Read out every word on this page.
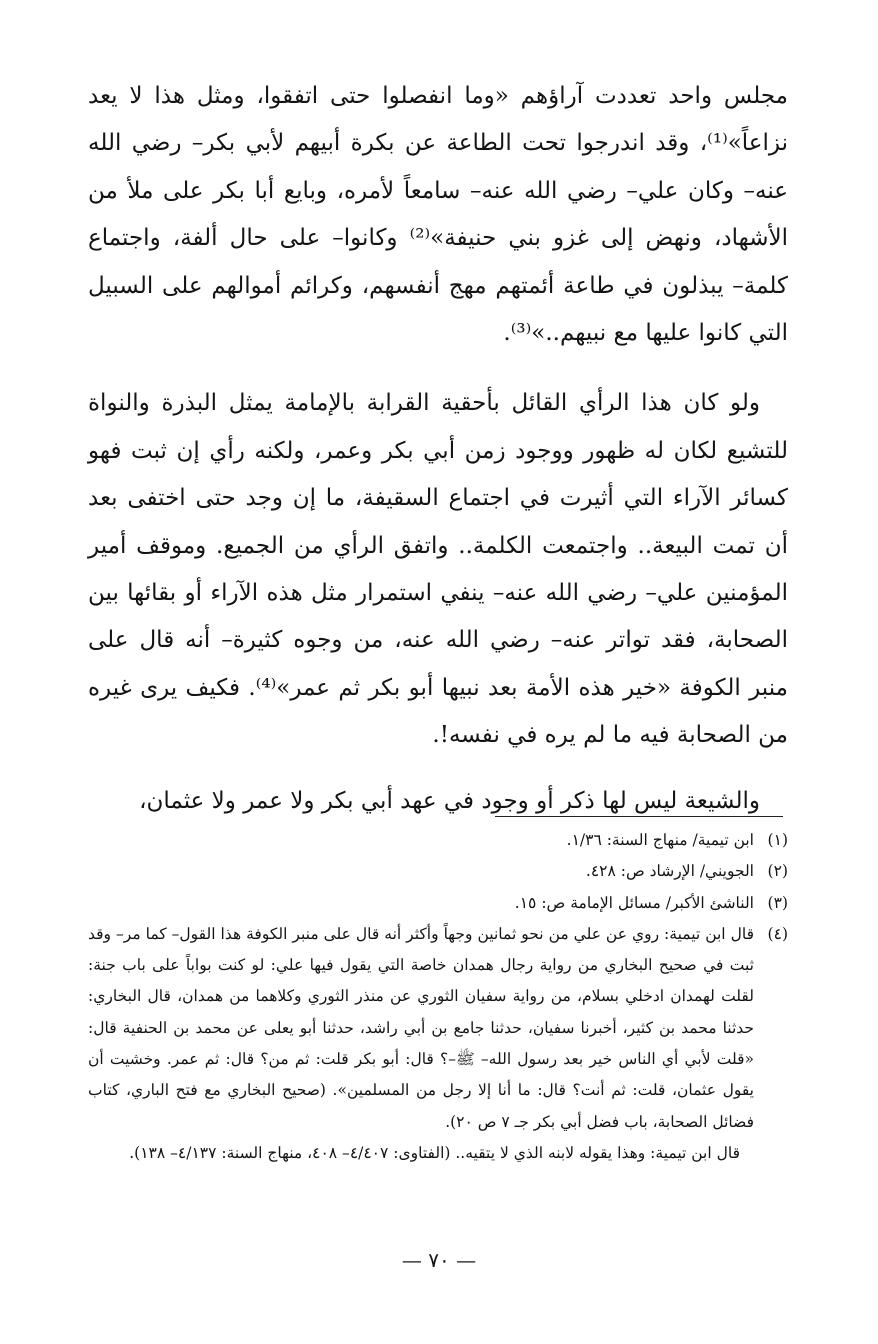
مجلس واحد تعددت آراؤهم «وما انفصلوا حتى اتفقوا، ومثل هذا لا يعد نزاعاً»⁽¹⁾، وقد اندرجوا تحت الطاعة عن بكرة أبيهم لأبي بكر– رضي الله عنه– وكان علي– رضي الله عنه– سامعاً لأمره، وبايع أبا بكر على ملأ من الأشهاد، ونهض إلى غزو بني حنيفة»⁽²⁾ وكانوا– على حال ألفة، واجتماع كلمة– يبذلون في طاعة أئمتهم مهج أنفسهم، وكرائم أموالهم على السبيل التي كانوا عليها مع نبيهم..»⁽³⁾.

ولو كان هذا الرأي القائل بأحقية القرابة بالإمامة يمثل البذرة والنواة للتشيع لكان له ظهور ووجود زمن أبي بكر وعمر، ولكنه رأي إن ثبت فهو كسائر الآراء التي أثيرت في اجتماع السقيفة، ما إن وجد حتى اختفى بعد أن تمت البيعة.. واجتمعت الكلمة.. واتفق الرأي من الجميع. وموقف أمير المؤمنين علي– رضي الله عنه– ينفي استمرار مثل هذه الآراء أو بقائها بين الصحابة، فقد تواتر عنه– رضي الله عنه، من وجوه كثيرة– أنه قال على منبر الكوفة «خير هذه الأمة بعد نبيها أبو بكر ثم عمر»⁽⁴⁾. فكيف يرى غيره من الصحابة فيه ما لم يره في نفسه!.

والشيعة ليس لها ذكر أو وجود في عهد أبي بكر ولا عمر ولا عثمان،

(١)
ابن تيمية/ منهاج السنة: ١/٣٦.
(٢)
الجويني/ الإرشاد ص: ٤٢٨.
(٣)
الناشئ الأكبر/ مسائل الإمامة ص: ١٥.
(٤)
قال ابن تيمية: روي عن علي من نحو ثمانين وجهاً وأكثر أنه قال على منبر الكوفة هذا القول– كما مر– وقد ثبت في صحيح البخاري من رواية رجال همدان خاصة التي يقول فيها علي: لو كنت بواباً على باب جنة: لقلت لهمدان ادخلي بسلام، من رواية سفيان الثوري عن منذر الثوري وكلاهما من همدان، قال البخاري: حدثنا محمد بن كثير، أخبرنا سفيان، حدثنا جامع بن أبي راشد، حدثنا أبو يعلى عن محمد بن الحنفية قال: «قلت لأبي أي الناس خير بعد رسول الله– ﷺ–؟ قال: أبو بكر قلت: ثم من؟ قال: ثم عمر. وخشيت أن يقول عثمان، قلت: ثم أنت؟ قال: ما أنا إلا رجل من المسلمين». (صحيح البخاري مع فتح الباري، كتاب فضائل الصحابة، باب فضل أبي بكر جـ ٧ ص ٢٠).
قال ابن تيمية: وهذا يقوله لابنه الذي لا يتقيه.. (الفتاوى: ٤/٤٠٧– ٤٠٨، منهاج السنة: ٤/١٣٧– ١٣٨).
— ٧٠ —
